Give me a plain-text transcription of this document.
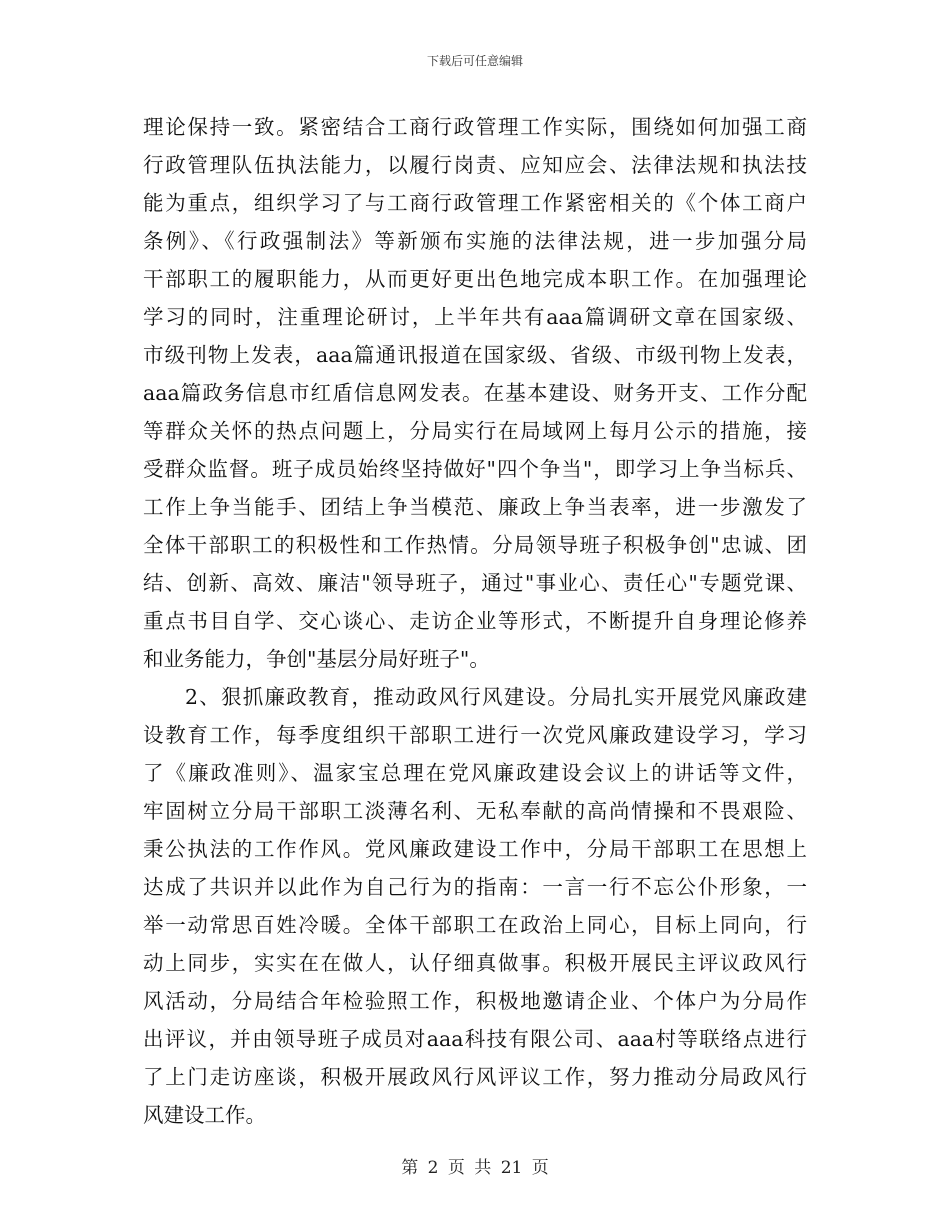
下载后可任意编辑
理论保持一致。紧密结合工商行政管理工作实际，围绕如何加强工商
行政管理队伍执法能力，以履行岗责、应知应会、法律法规和执法技
能为重点，组织学习了与工商行政管理工作紧密相关的《个体工商户
条例》、《行政强制法》等新颁布实施的法律法规，进一步加强分局
干部职工的履职能力，从而更好更出色地完成本职工作。在加强理论
学习的同时，注重理论研讨，上半年共有aaa篇调研文章在国家级、
市级刊物上发表，aaa篇通讯报道在国家级、省级、市级刊物上发表，
aaa篇政务信息市红盾信息网发表。在基本建设、财务开支、工作分配
等群众关怀的热点问题上，分局实行在局域网上每月公示的措施，接
受群众监督。班子成员始终坚持做好"四个争当"，即学习上争当标兵、
工作上争当能手、团结上争当模范、廉政上争当表率，进一步激发了
全体干部职工的积极性和工作热情。分局领导班子积极争创"忠诚、团
结、创新、高效、廉洁"领导班子，通过"事业心、责任心"专题党课、
重点书目自学、交心谈心、走访企业等形式，不断提升自身理论修养
和业务能力，争创"基层分局好班子"。
2、狠抓廉政教育，推动政风行风建设。分局扎实开展党风廉政建
设教育工作，每季度组织干部职工进行一次党风廉政建设学习，学习
了《廉政准则》、温家宝总理在党风廉政建设会议上的讲话等文件，
牢固树立分局干部职工淡薄名利、无私奉献的高尚情操和不畏艰险、
秉公执法的工作作风。党风廉政建设工作中，分局干部职工在思想上
达成了共识并以此作为自己行为的指南：一言一行不忘公仆形象，一
举一动常思百姓冷暖。全体干部职工在政治上同心，目标上同向，行
动上同步，实实在在做人，认仔细真做事。积极开展民主评议政风行
风活动，分局结合年检验照工作，积极地邀请企业、个体户为分局作
出评议，并由领导班子成员对aaa科技有限公司、aaa村等联络点进行
了上门走访座谈，积极开展政风行风评议工作，努力推动分局政风行
风建设工作。
第 2 页 共 21 页
